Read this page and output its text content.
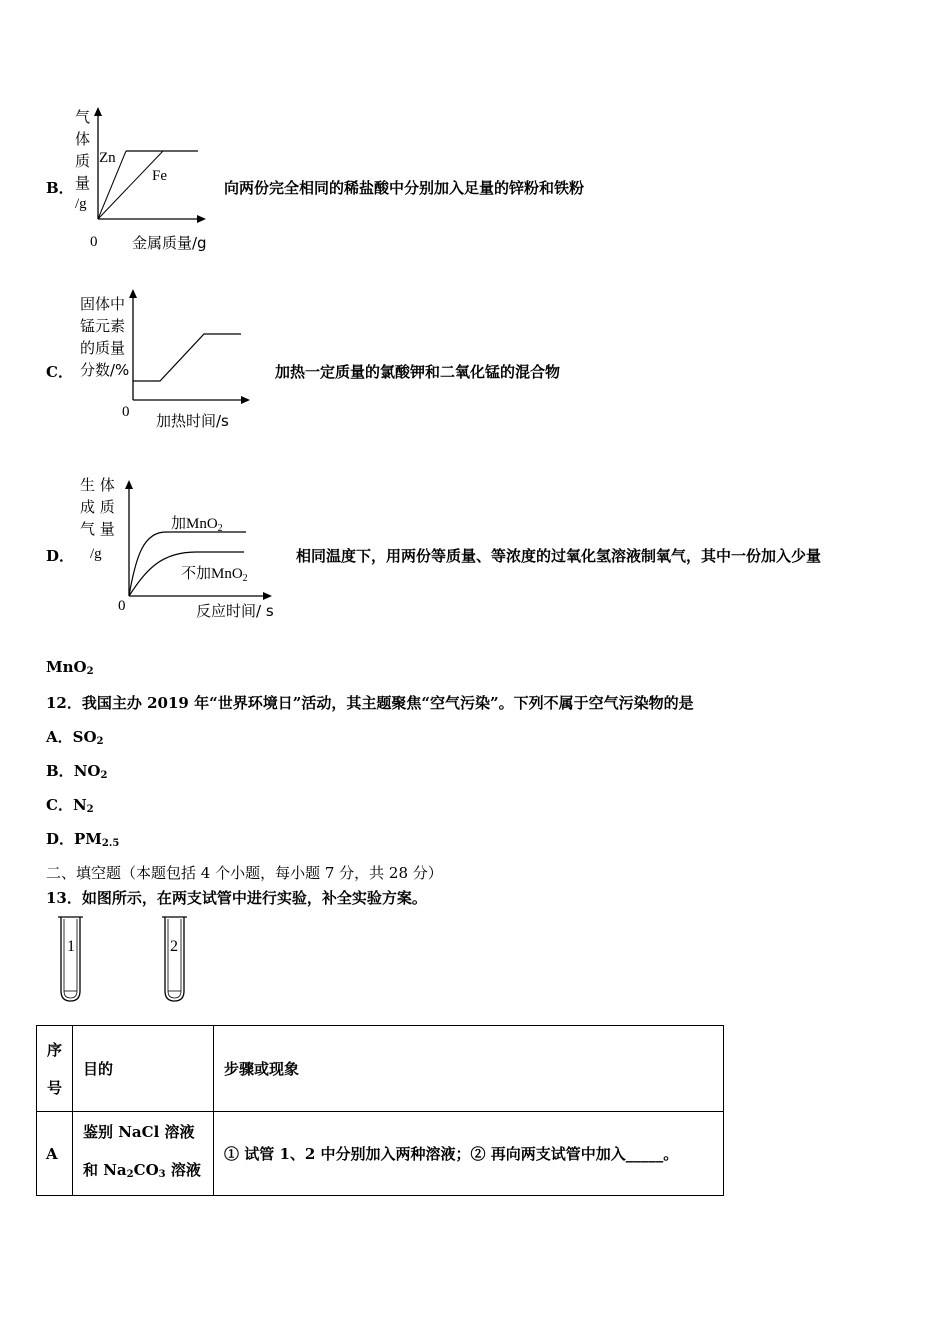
B．
气
体
质
量
/g
Zn
Fe
0 金属质量/g
向两份完全相同的稀盐酸中分别加入足量的锌粉和铁粉
C．
固体中
锰元素
的质量
分数/%
0 加热时间/s
加热一定质量的氯酸钾和二氧化锰的混合物
D．
生 体
成 质
气 量
/g
加MnO$_2$
不加MnO$_2$
0	反应时间/ s
相同温度下，用两份等质量、等浓度的过氧化氢溶液制氧气，其中一份加入少量
MnO$_2$
12．我国主办 2019 年“世界环境日”活动，其主题聚焦“空气污染”。下列不属于空气污染物的是
A．$SO_2$
B．$NO_2$
C．$N_2$
D．$PM_{2.5}$
二、填空题（本题包括 4 个小题，每小题 7 分，共 28 分）
13．如图所示，在两支试管中进行实验，补全实验方案。
1	2
序
号	目的	步骤或现象
A	鉴别 NaCl 溶液
和 $Na_2CO_3$ 溶液	① 试管 1、2 中分别加入两种溶液；② 再向两支试管中加入_____。
